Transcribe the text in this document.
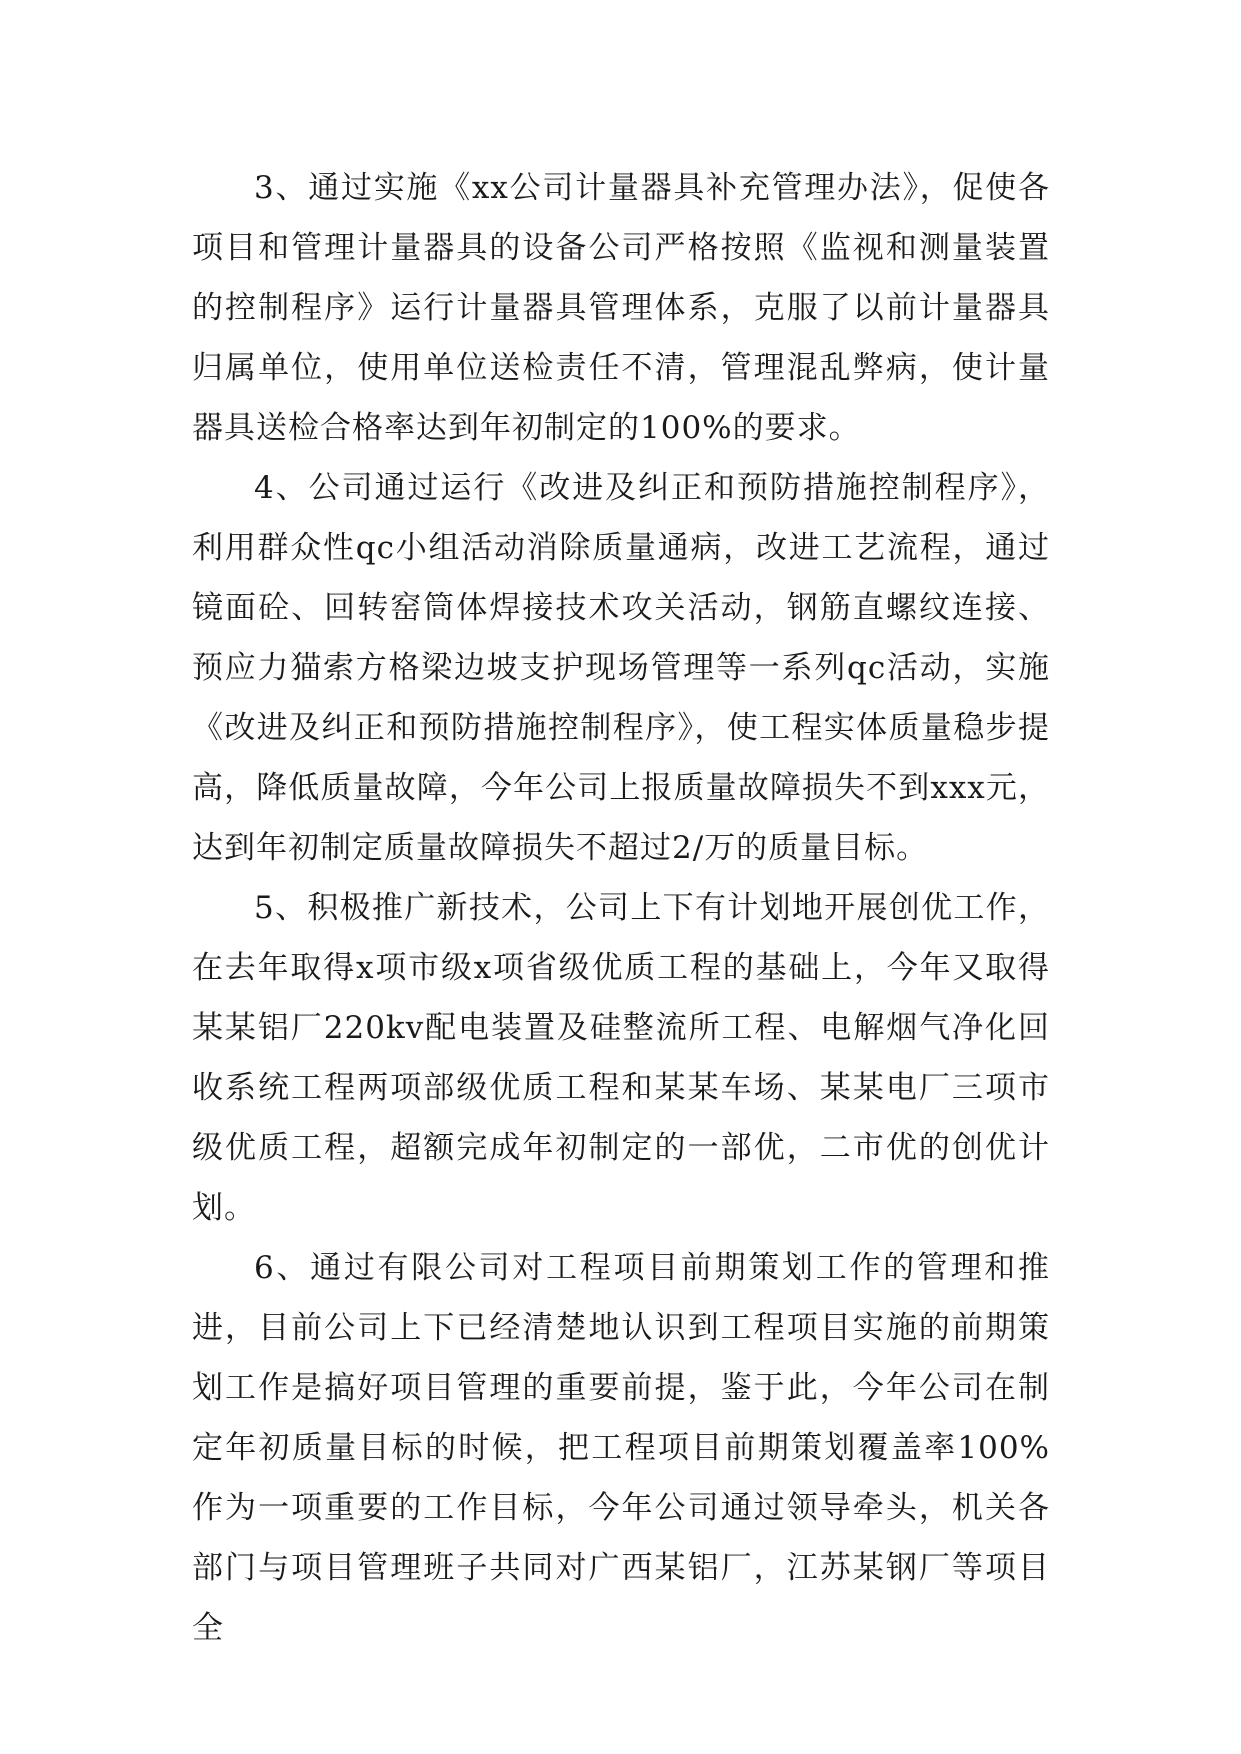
3、通过实施《xx公司计量器具补充管理办法》，促使各项目和管理计量器具的设备公司严格按照《监视和测量装置的控制程序》运行计量器具管理体系，克服了以前计量器具归属单位，使用单位送检责任不清，管理混乱弊病，使计量器具送检合格率达到年初制定的100%的要求。

4、公司通过运行《改进及纠正和预防措施控制程序》，利用群众性qc小组活动消除质量通病，改进工艺流程，通过镜面砼、回转窑筒体焊接技术攻关活动，钢筋直螺纹连接、预应力猫索方格梁边坡支护现场管理等一系列qc活动，实施《改进及纠正和预防措施控制程序》，使工程实体质量稳步提高，降低质量故障，今年公司上报质量故障损失不到xxx元，达到年初制定质量故障损失不超过2/万的质量目标。

5、积极推广新技术，公司上下有计划地开展创优工作，在去年取得x项市级x项省级优质工程的基础上，今年又取得某某铝厂220kv配电装置及硅整流所工程、电解烟气净化回收系统工程两项部级优质工程和某某车场、某某电厂三项市级优质工程，超额完成年初制定的一部优，二市优的创优计划。

6、通过有限公司对工程项目前期策划工作的管理和推进，目前公司上下已经清楚地认识到工程项目实施的前期策划工作是搞好项目管理的重要前提，鉴于此，今年公司在制定年初质量目标的时候，把工程项目前期策划覆盖率100%作为一项重要的工作目标，今年公司通过领导牵头，机关各部门与项目管理班子共同对广西某铝厂，江苏某钢厂等项目全
